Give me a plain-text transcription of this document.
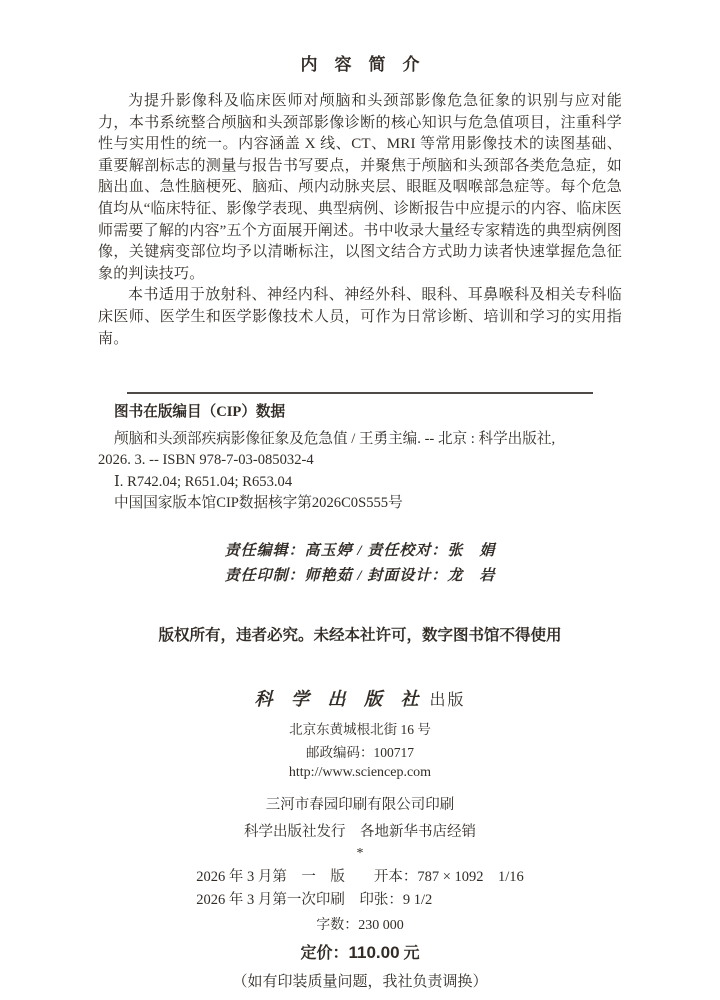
内　容　简　介

为提升影像科及临床医师对颅脑和头颈部影像危急征象的识别与应对能力，本书系统整合颅脑和头颈部影像诊断的核心知识与危急值项目，注重科学性与实用性的统一。内容涵盖 X 线、CT、MRI 等常用影像技术的读图基础、重要解剖标志的测量与报告书写要点，并聚焦于颅脑和头颈部各类危急症，如脑出血、急性脑梗死、脑疝、颅内动脉夹层、眼眶及咽喉部急症等。每个危急值均从“临床特征、影像学表现、典型病例、诊断报告中应提示的内容、临床医师需要了解的内容”五个方面展开阐述。书中收录大量经专家精选的典型病例图像，关键病变部位均予以清晰标注，以图文结合方式助力读者快速掌握危急征象的判读技巧。

本书适用于放射科、神经内科、神经外科、眼科、耳鼻喉科及相关专科临床医师、医学生和医学影像技术人员，可作为日常诊断、培训和学习的实用指南。

图书在版编目（CIP）数据
颅脑和头颈部疾病影像征象及危急值 / 王勇主编. -- 北京 : 科学出版社,
2026. 3. -- ISBN 978-7-03-085032-4
Ⅰ. R742.04; R651.04; R653.04
中国国家版本馆CIP数据核字第2026C0S555号
责任编辑：高玉婷 / 责任校对：张　娟
责任印制：师艳茹 / 封面设计：龙　岩
版权所有，违者必究。未经本社许可，数字图书馆不得使用
科 学 出 版 社 出版
北京东黄城根北街 16 号
邮政编码：100717
http://www.sciencep.com
三河市春园印刷有限公司印刷
科学出版社发行　各地新华书店经销
*
2026 年 3 月第　一　版　　开本：787 × 1092　1/16
2026 年 3 月第一次印刷　印张：9 1/2
字数：230 000
定价：110.00 元
（如有印装质量问题，我社负责调换）
